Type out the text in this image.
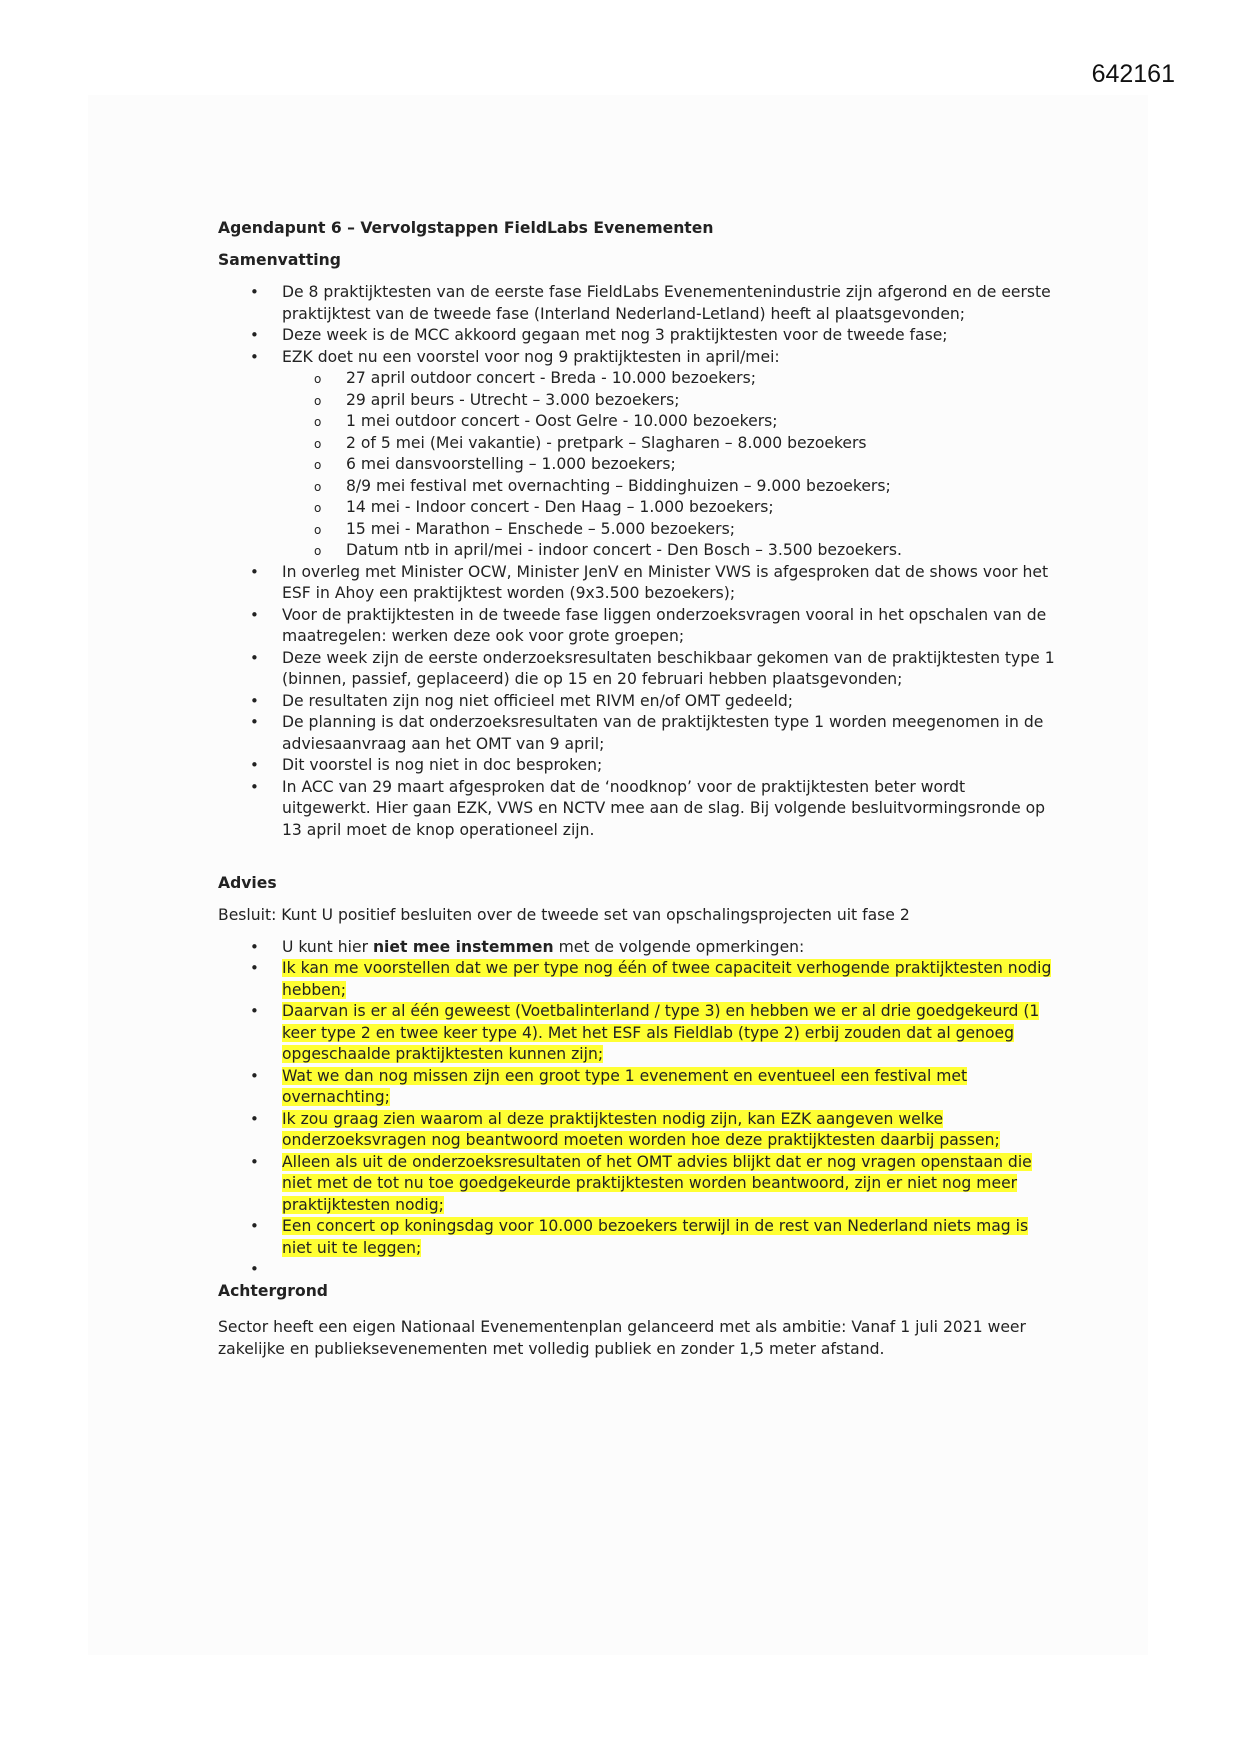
642161
Agendapunt 6 – Vervolgstappen FieldLabs Evenementen
Samenvatting
• De 8 praktijktesten van de eerste fase FieldLabs Evenementenindustrie zijn afgerond en de eerste praktijktest van de tweede fase (Interland Nederland-Letland) heeft al plaatsgevonden;
• Deze week is de MCC akkoord gegaan met nog 3 praktijktesten voor de tweede fase;
• EZK doet nu een voorstel voor nog 9 praktijktesten in april/mei:
o 27 april outdoor concert - Breda - 10.000 bezoekers;
o 29 april beurs - Utrecht – 3.000 bezoekers;
o 1 mei outdoor concert - Oost Gelre - 10.000 bezoekers;
o 2 of 5 mei (Mei vakantie) - pretpark – Slagharen – 8.000 bezoekers
o 6 mei dansvoorstelling – 1.000 bezoekers;
o 8/9 mei festival met overnachting – Biddinghuizen – 9.000 bezoekers;
o 14 mei - Indoor concert - Den Haag – 1.000 bezoekers;
o 15 mei - Marathon – Enschede – 5.000 bezoekers;
o Datum ntb in april/mei - indoor concert - Den Bosch – 3.500 bezoekers.
• In overleg met Minister OCW, Minister JenV en Minister VWS is afgesproken dat de shows voor het ESF in Ahoy een praktijktest worden (9x3.500 bezoekers);
• Voor de praktijktesten in de tweede fase liggen onderzoeksvragen vooral in het opschalen van de maatregelen: werken deze ook voor grote groepen;
• Deze week zijn de eerste onderzoeksresultaten beschikbaar gekomen van de praktijktesten type 1 (binnen, passief, geplaceerd) die op 15 en 20 februari hebben plaatsgevonden;
• De resultaten zijn nog niet officieel met RIVM en/of OMT gedeeld;
• De planning is dat onderzoeksresultaten van de praktijktesten type 1 worden meegenomen in de adviesaanvraag aan het OMT van 9 april;
• Dit voorstel is nog niet in doc besproken;
• In ACC van 29 maart afgesproken dat de ‘noodknop’ voor de praktijktesten beter wordt uitgewerkt. Hier gaan EZK, VWS en NCTV mee aan de slag. Bij volgende besluitvormingsronde op 13 april moet de knop operationeel zijn.
Advies

Besluit: Kunt U positief besluiten over de tweede set van opschalingsprojecten uit fase 2

• U kunt hier niet mee instemmen met de volgende opmerkingen:
• Ik kan me voorstellen dat we per type nog één of twee capaciteit verhogende praktijktesten nodig hebben;
• Daarvan is er al één geweest (Voetbalinterland / type 3) en hebben we er al drie goedgekeurd (1 keer type 2 en twee keer type 4). Met het ESF als Fieldlab (type 2) erbij zouden dat al genoeg opgeschaalde praktijktesten kunnen zijn;
• Wat we dan nog missen zijn een groot type 1 evenement en eventueel een festival met overnachting;
• Ik zou graag zien waarom al deze praktijktesten nodig zijn, kan EZK aangeven welke onderzoeksvragen nog beantwoord moeten worden hoe deze praktijktesten daarbij passen;
• Alleen als uit de onderzoeksresultaten of het OMT advies blijkt dat er nog vragen openstaan die niet met de tot nu toe goedgekeurde praktijktesten worden beantwoord, zijn er niet nog meer praktijktesten nodig;
• Een concert op koningsdag voor 10.000 bezoekers terwijl in de rest van Nederland niets mag is niet uit te leggen;
•
Achtergrond

Sector heeft een eigen Nationaal Evenementenplan gelanceerd met als ambitie: Vanaf 1 juli 2021 weer zakelijke en publieksevenementen met volledig publiek en zonder 1,5 meter afstand.
